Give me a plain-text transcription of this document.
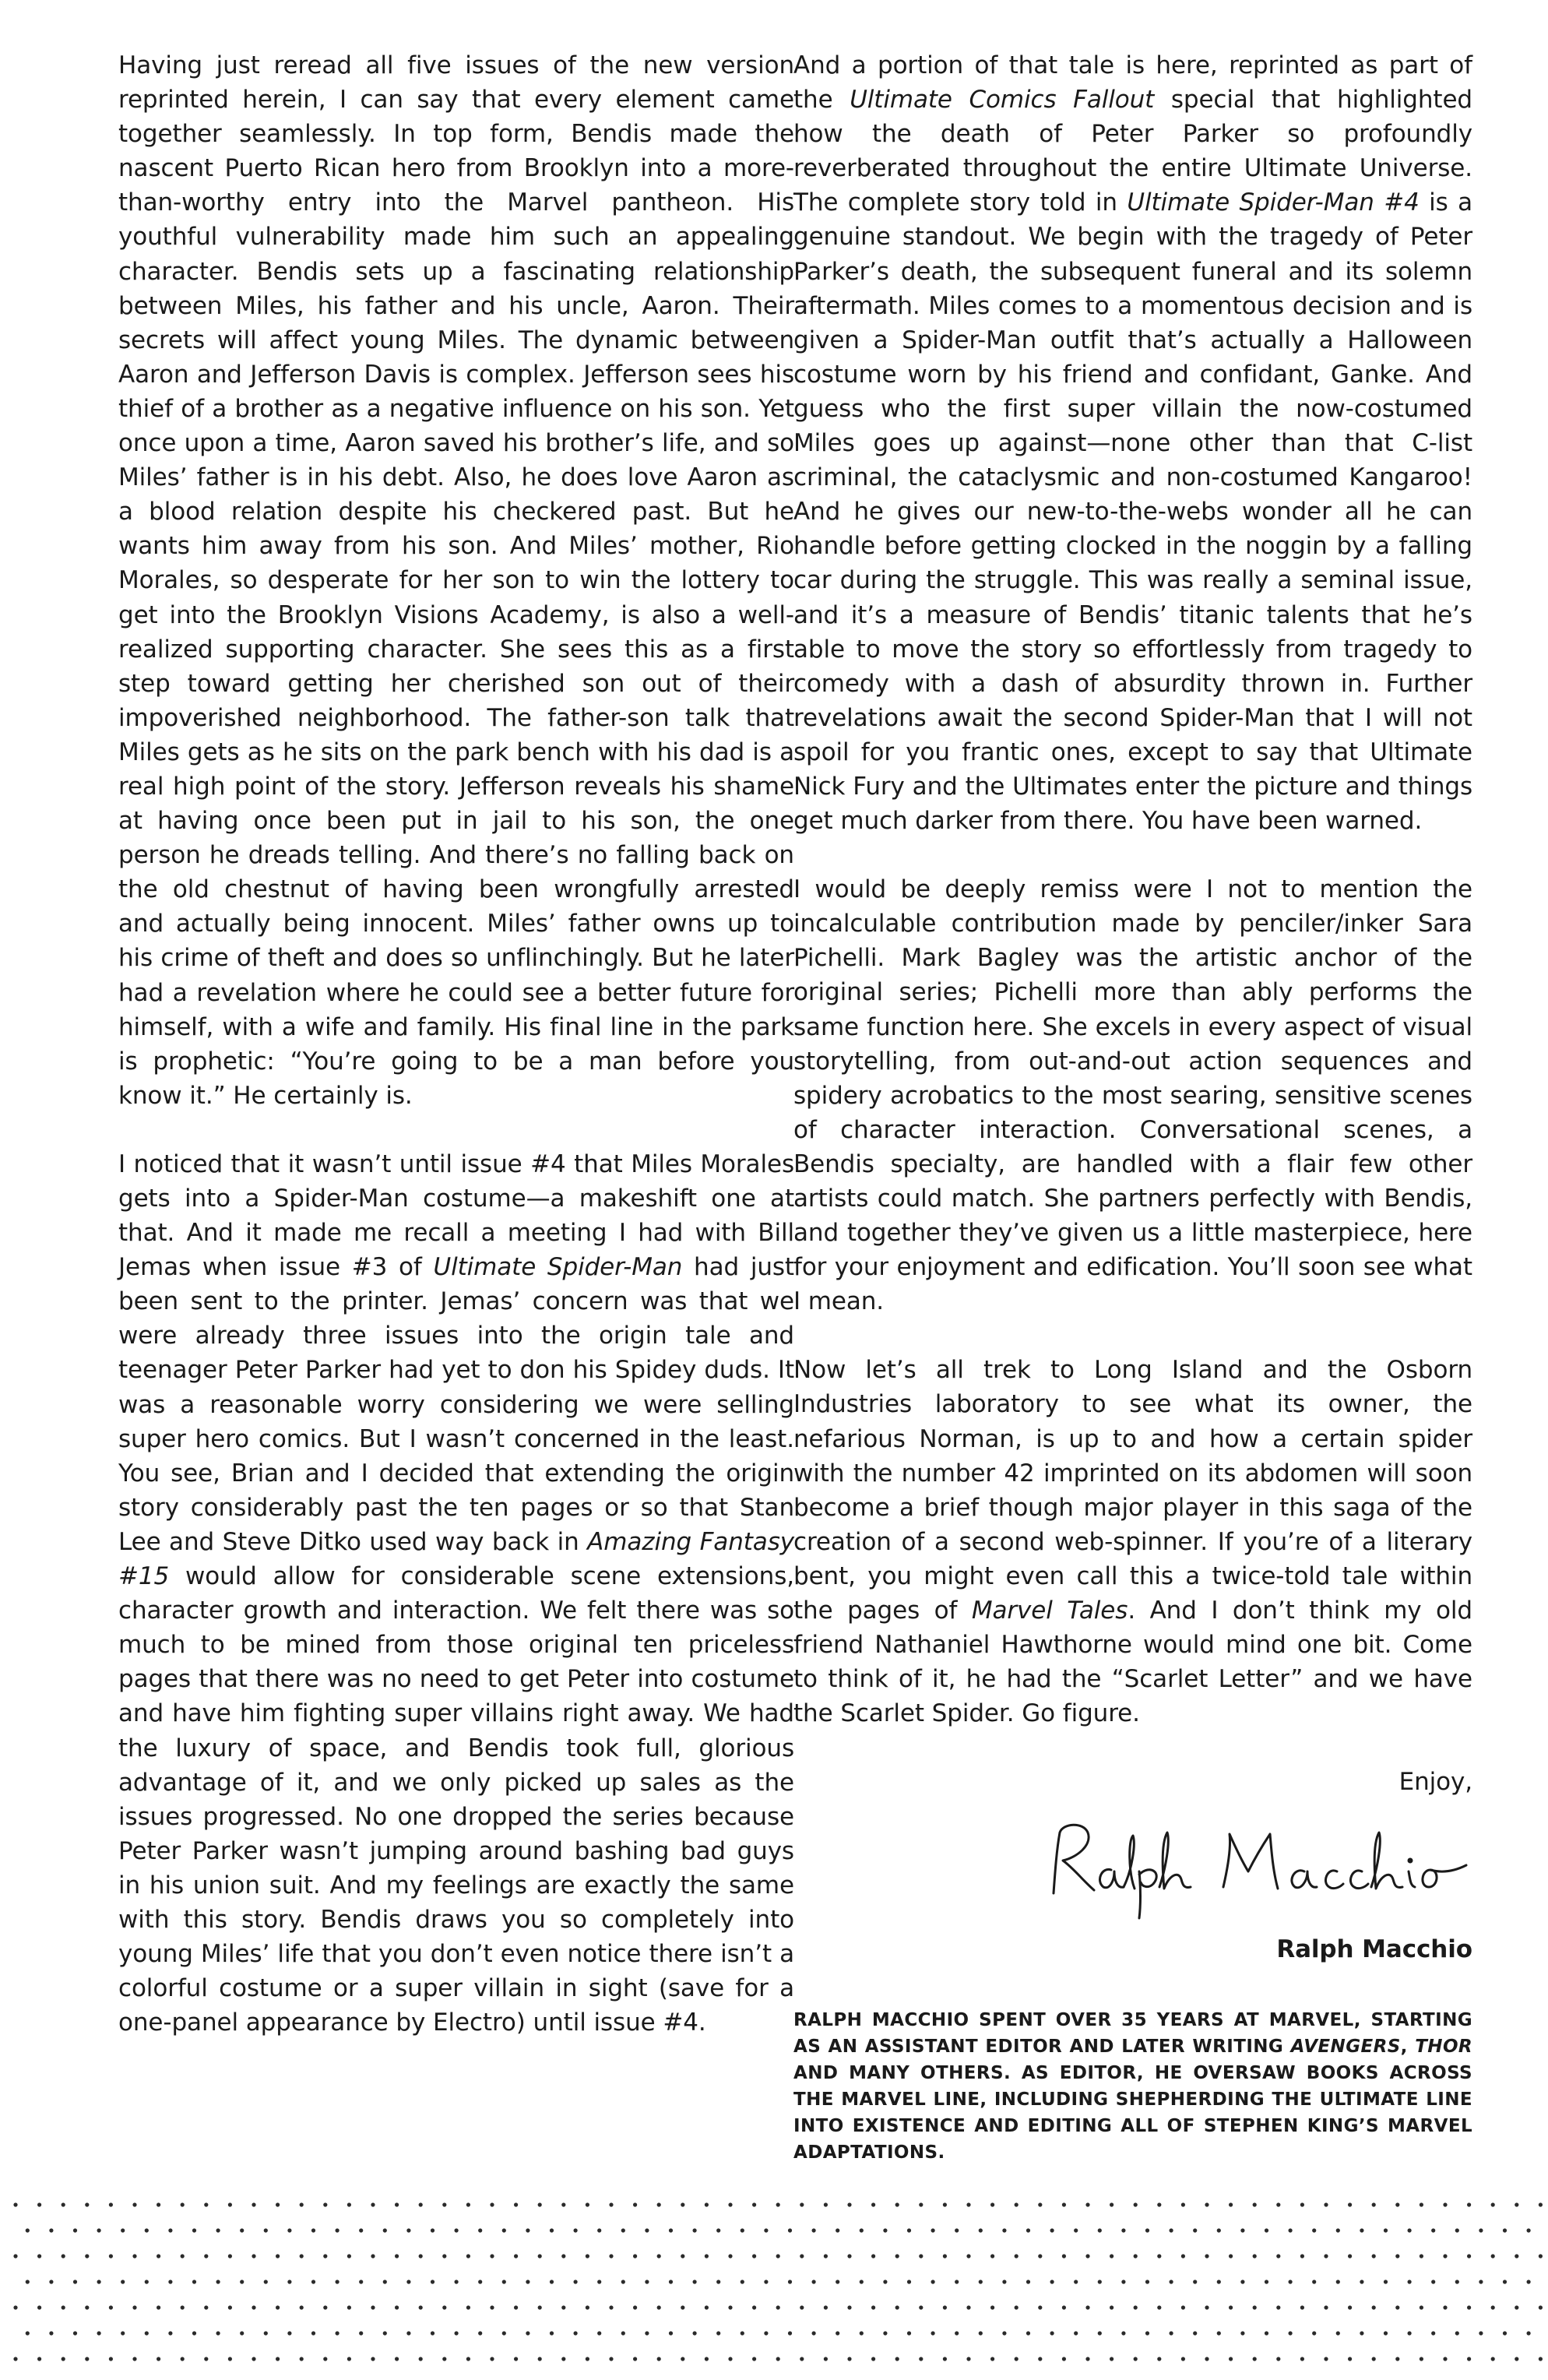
Having just reread all five issues of the new version reprinted herein, I can say that every element came together seamlessly. In top form, Bendis made the nascent Puerto Rican hero from Brooklyn into a more-than-worthy entry into the Marvel pantheon. His youthful vulnerability made him such an appealing character. Bendis sets up a fascinating relationship between Miles, his father and his uncle, Aaron. Their secrets will affect young Miles. The dynamic between Aaron and Jefferson Davis is complex. Jefferson sees his thief of a brother as a negative influence on his son. Yet once upon a time, Aaron saved his brother’s life, and so Miles’ father is in his debt. Also, he does love Aaron as a blood relation despite his checkered past. But he wants him away from his son. And Miles’ mother, Rio Morales, so desperate for her son to win the lottery to get into the Brooklyn Visions Academy, is also a well-realized supporting character. She sees this as a first step toward getting her cherished son out of their impoverished neighborhood. The father-son talk that Miles gets as he sits on the park bench with his dad is a real high point of the story. Jefferson reveals his shame at having once been put in jail to his son, the one person he dreads telling. And there’s no falling back on the old chestnut of having been wrongfully arrested and actually being innocent. Miles’ father owns up to his crime of theft and does so unflinchingly. But he later had a revelation where he could see a better future for himself, with a wife and family. His final line in the park is prophetic: “You’re going to be a man before you know it.” He certainly is.

I noticed that it wasn’t until issue #4 that Miles Morales gets into a Spider-Man costume—a makeshift one at that. And it made me recall a meeting I had with Bill Jemas when issue #3 of Ultimate Spider-Man had just been sent to the printer. Jemas’ concern was that we were already three issues into the origin tale and teenager Peter Parker had yet to don his Spidey duds. It was a reasonable worry considering we were selling super hero comics. But I wasn’t concerned in the least. You see, Brian and I decided that extending the origin story considerably past the ten pages or so that Stan Lee and Steve Ditko used way back in Amazing Fantasy #15 would allow for considerable scene extensions, character growth and interaction. We felt there was so much to be mined from those original ten priceless pages that there was no need to get Peter into costume and have him fighting super villains right away. We had the luxury of space, and Bendis took full, glorious advantage of it, and we only picked up sales as the issues progressed. No one dropped the series because Peter Parker wasn’t jumping around bashing bad guys in his union suit. And my feelings are exactly the same with this story. Bendis draws you so completely into young Miles’ life that you don’t even notice there isn’t a colorful costume or a super villain in sight (save for a one-panel appearance by Electro) until issue #4.

And a portion of that tale is here, reprinted as part of the Ultimate Comics Fallout special that highlighted how the death of Peter Parker so profoundly reverberated throughout the entire Ultimate Universe. The complete story told in Ultimate Spider-Man #4 is a genuine standout. We begin with the tragedy of Peter Parker’s death, the subsequent funeral and its solemn aftermath. Miles comes to a momentous decision and is given a Spider-Man outfit that’s actually a Halloween costume worn by his friend and confidant, Ganke. And guess who the first super villain the now-costumed Miles goes up against—none other than that C-list criminal, the cataclysmic and non-costumed Kangaroo! And he gives our new-to-the-webs wonder all he can handle before getting clocked in the noggin by a falling car during the struggle. This was really a seminal issue, and it’s a measure of Bendis’ titanic talents that he’s able to move the story so effortlessly from tragedy to comedy with a dash of absurdity thrown in. Further revelations await the second Spider-Man that I will not spoil for you frantic ones, except to say that Ultimate Nick Fury and the Ultimates enter the picture and things get much darker from there. You have been warned.

I would be deeply remiss were I not to mention the incalculable contribution made by penciler/inker Sara Pichelli. Mark Bagley was the artistic anchor of the original series; Pichelli more than ably performs the same function here. She excels in every aspect of visual storytelling, from out-and-out action sequences and spidery acrobatics to the most searing, sensitive scenes of character interaction. Conversational scenes, a Bendis specialty, are handled with a flair few other artists could match. She partners perfectly with Bendis, and together they’ve given us a little masterpiece, here for your enjoyment and edification. You’ll soon see what I mean.

Now let’s all trek to Long Island and the Osborn Industries laboratory to see what its owner, the nefarious Norman, is up to and how a certain spider with the number 42 imprinted on its abdomen will soon become a brief though major player in this saga of the creation of a second web-spinner. If you’re of a literary bent, you might even call this a twice-told tale within the pages of Marvel Tales. And I don’t think my old friend Nathaniel Hawthorne would mind one bit. Come to think of it, he had the “Scarlet Letter” and we have the Scarlet Spider. Go figure.

Enjoy,
Ralph Macchio
RALPH MACCHIO SPENT OVER 35 YEARS AT MARVEL, STARTING AS AN ASSISTANT EDITOR AND LATER WRITING AVENGERS, THOR AND MANY OTHERS. AS EDITOR, HE OVERSAW BOOKS ACROSS THE MARVEL LINE, INCLUDING SHEPHERDING THE ULTIMATE LINE INTO EXISTENCE AND EDITING ALL OF STEPHEN KING’S MARVEL ADAPTATIONS.
